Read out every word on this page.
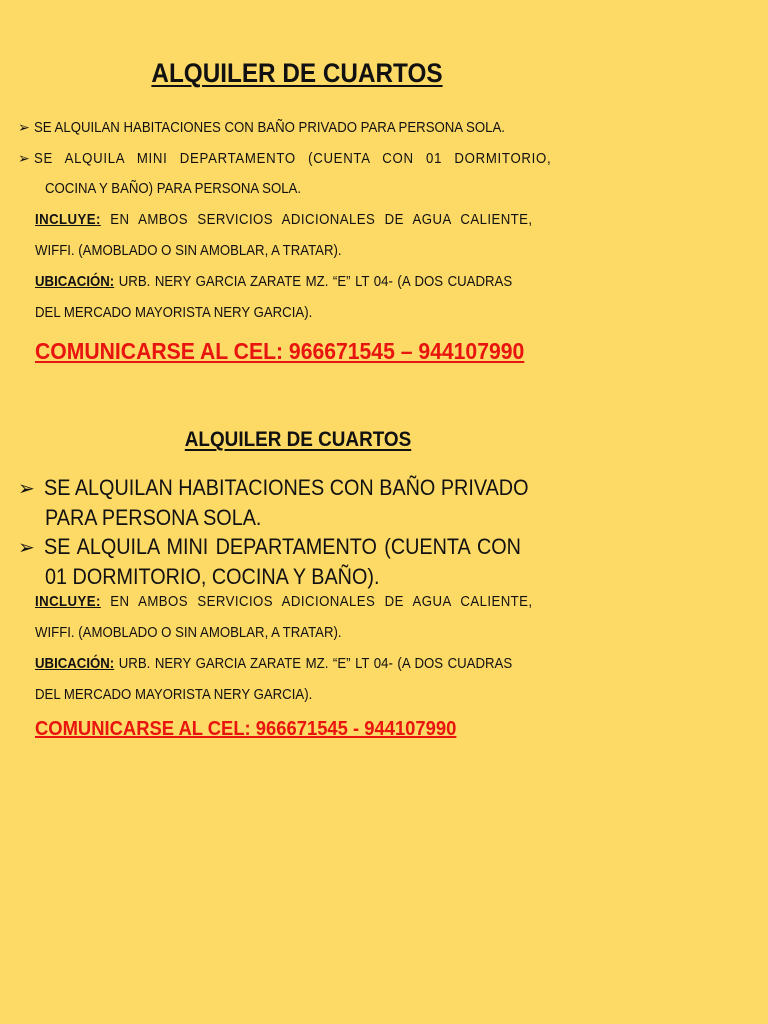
ALQUILER DE CUARTOS
➢ SE ALQUILAN HABITACIONES CON BAÑO PRIVADO PARA PERSONA SOLA.
➢ SE ALQUILA MINI DEPARTAMENTO (CUENTA CON 01 DORMITORIO,
COCINA Y BAÑO) PARA PERSONA SOLA.
INCLUYE: EN AMBOS SERVICIOS ADICIONALES DE AGUA CALIENTE,
WIFFI. (AMOBLADO O SIN AMOBLAR, A TRATAR).
UBICACIÓN: URB. NERY GARCIA ZARATE MZ. “E” LT 04- (A DOS CUADRAS
DEL MERCADO MAYORISTA NERY GARCIA).
COMUNICARSE AL CEL: 966671545 – 944107990
ALQUILER DE CUARTOS
➢ SE ALQUILAN HABITACIONES CON BAÑO PRIVADO
PARA PERSONA SOLA.
➢ SE ALQUILA MINI DEPARTAMENTO (CUENTA CON
01 DORMITORIO, COCINA Y BAÑO).
INCLUYE: EN AMBOS SERVICIOS ADICIONALES DE AGUA CALIENTE,
WIFFI. (AMOBLADO O SIN AMOBLAR, A TRATAR).
UBICACIÓN: URB. NERY GARCIA ZARATE MZ. “E” LT 04- (A DOS CUADRAS
DEL MERCADO MAYORISTA NERY GARCIA).
COMUNICARSE AL CEL: 966671545 - 944107990
